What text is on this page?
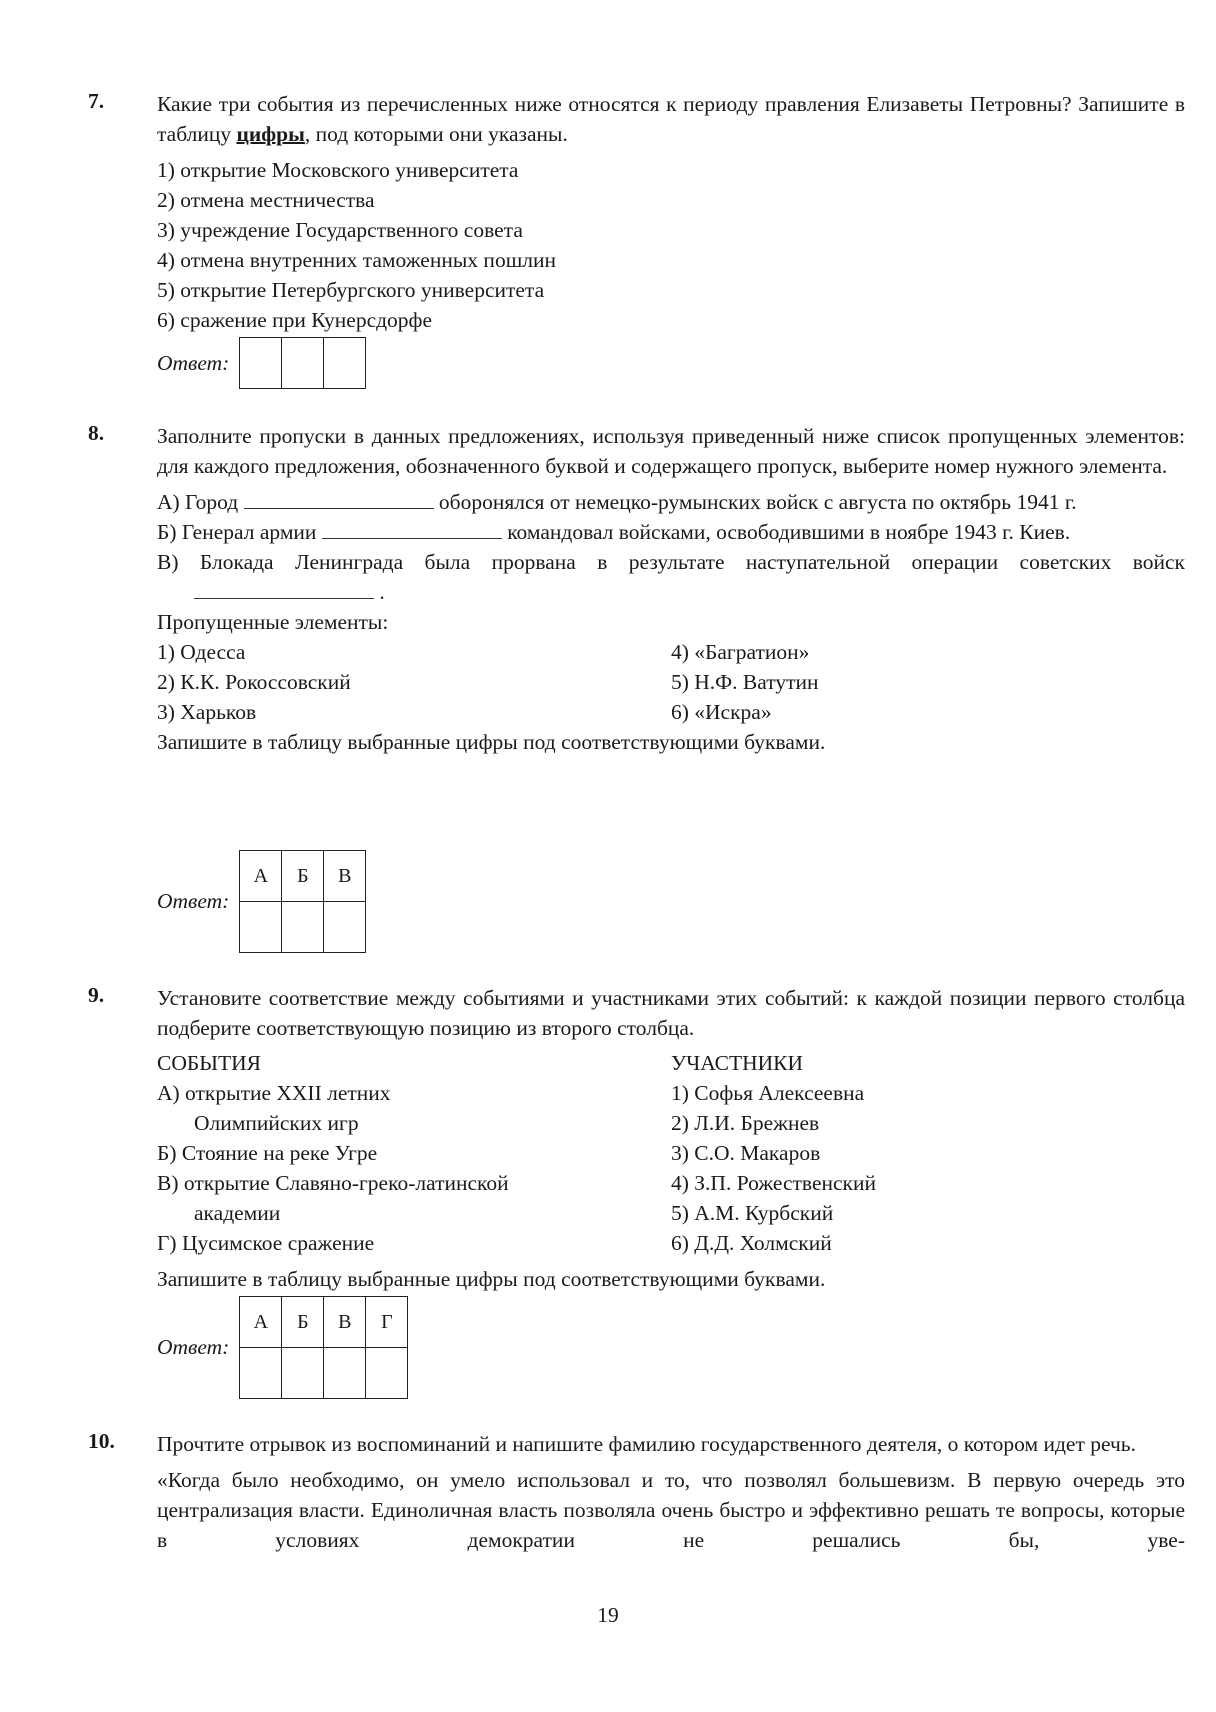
7. Какие три события из перечисленных ниже относятся к периоду правления Елизаветы Петровны? Запишите в таблицу цифры, под которыми они указаны.

1) открытие Московского университета
2) отмена местничества
3) учреждение Государственного совета
4) отмена внутренних таможенных пошлин
5) открытие Петербургского университета
6) сражение при Кунерсдорфе
Ответ:

8. Заполните пропуски в данных предложениях, используя приведенный ниже список пропущенных элементов: для каждого предложения, обозначенного буквой и содержащего пропуск, выберите номер нужного элемента.

А) Город	оборонялся от немецко-румынских войск с августа по октябрь 1941 г.

Б) Генерал армии	командовал войсками, освободившими в ноябре 1943 г. Киев.

В) Блокада Ленинграда была прорвана в результате наступательной операции советских войск  .

Пропущенные элементы:
1) Одесса
2) К.К. Рокоссовский
3) Харьков
4) «Багратион»
5) Н.Ф. Ватутин
6) «Искра»
Запишите в таблицу выбранные цифры под соответствующими буквами.
Ответ:
А	Б	В

9. Установите соответствие между событиями и участниками этих событий: к каждой позиции первого столбца подберите соответствующую позицию из второго столбца.

СОБЫТИЯ
А) открытие XXII летних
Олимпийских игр
Б) Стояние на реке Угре
В) открытие Славяно-греко-латинской
академии
Г) Цусимское сражение
УЧАСТНИКИ
1) Софья Алексеевна
2) Л.И. Брежнев
3) С.О. Макаров
4) З.П. Рожественский
5) А.М. Курбский
6) Д.Д. Холмский
Запишите в таблицу выбранные цифры под соответствующими буквами.
Ответ:
А	Б	В	Г

10. Прочтите отрывок из воспоминаний и напишите фамилию государственного деятеля, о котором идет речь.

«Когда было необходимо, он умело использовал и то, что позволял большевизм. В первую очередь это централизация власти. Единоличная власть позволяла очень быстро и эффективно решать те вопросы, которые в условиях демократии не решались бы, уве-

19
